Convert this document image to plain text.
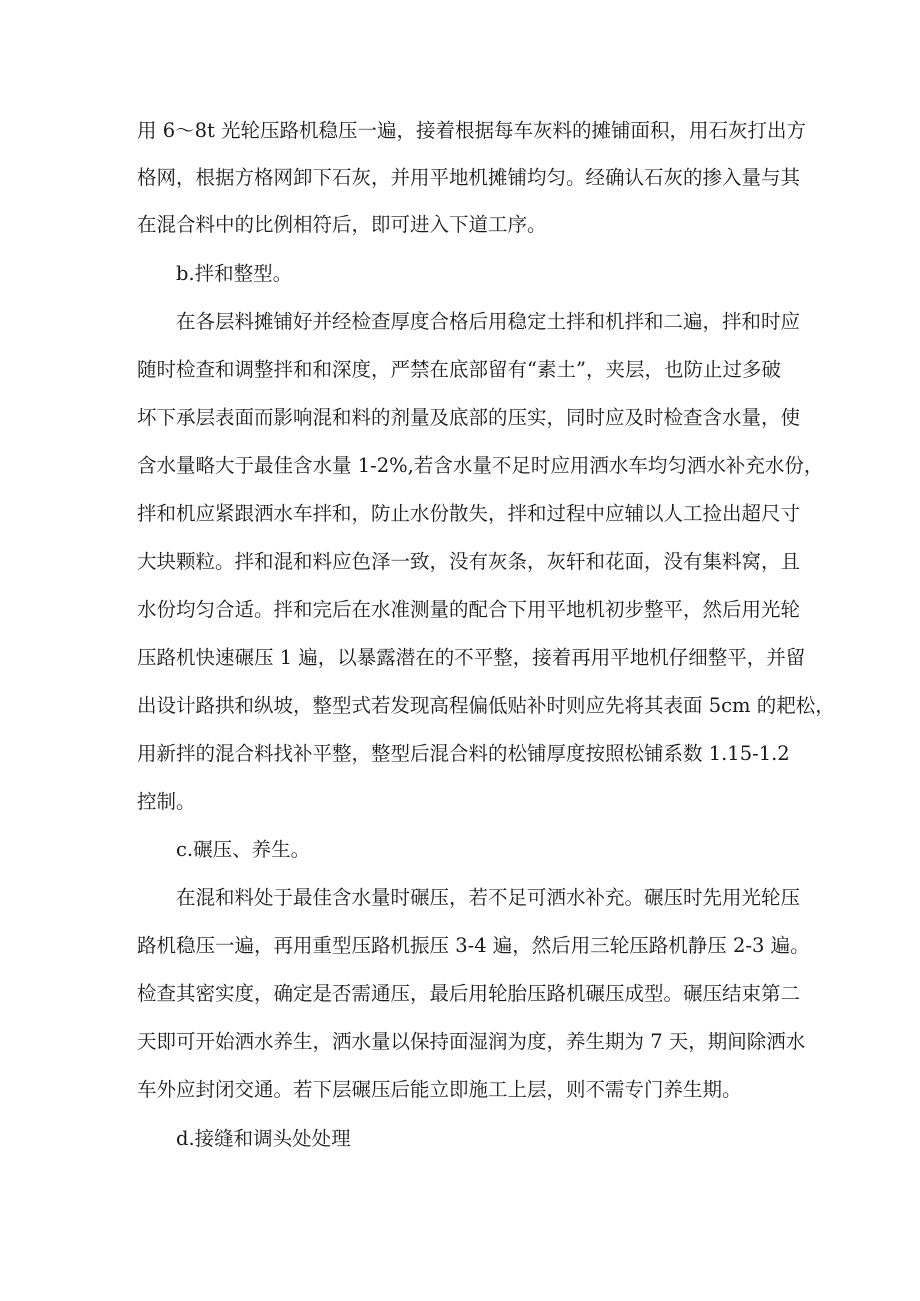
用 6～8t 光轮压路机稳压一遍，接着根据每车灰料的摊铺面积，用石灰打出方
格网，根据方格网卸下石灰，并用平地机摊铺均匀。经确认石灰的掺入量与其
在混合料中的比例相符后，即可进入下道工序。
b.拌和整型。
在各层料摊铺好并经检查厚度合格后用稳定土拌和机拌和二遍，拌和时应
随时检查和调整拌和和深度，严禁在底部留有“素土”，夹层，也防止过多破
坏下承层表面而影响混和料的剂量及底部的压实，同时应及时检查含水量，使
含水量略大于最佳含水量 1-2%,若含水量不足时应用洒水车均匀洒水补充水份，
拌和机应紧跟洒水车拌和，防止水份散失，拌和过程中应辅以人工捡出超尺寸
大块颗粒。拌和混和料应色泽一致，没有灰条，灰轩和花面，没有集料窝，且
水份均匀合适。拌和完后在水准测量的配合下用平地机初步整平，然后用光轮
压路机快速碾压 1 遍，以暴露潜在的不平整，接着再用平地机仔细整平，并留
出设计路拱和纵坡，整型式若发现高程偏低贴补时则应先将其表面 5cm 的耙松，
用新拌的混合料找补平整，整型后混合料的松铺厚度按照松铺系数 1.15-1.2
控制。
c.碾压、养生。
在混和料处于最佳含水量时碾压，若不足可洒水补充。碾压时先用光轮压
路机稳压一遍，再用重型压路机振压 3-4 遍，然后用三轮压路机静压 2-3 遍。
检查其密实度，确定是否需通压，最后用轮胎压路机碾压成型。碾压结束第二
天即可开始洒水养生，洒水量以保持面湿润为度，养生期为 7 天，期间除洒水
车外应封闭交通。若下层碾压后能立即施工上层，则不需专门养生期。
d.接缝和调头处处理
